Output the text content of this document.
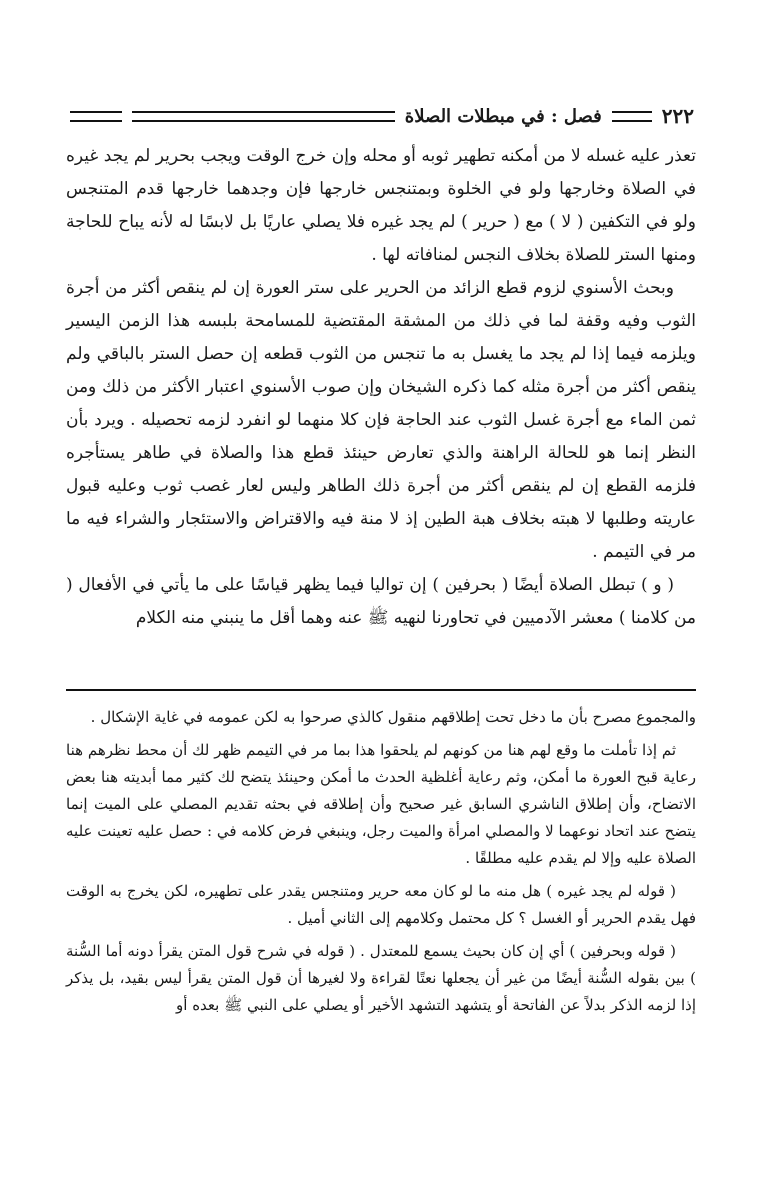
٢٢٢
فصل : في مبطلات الصلاة

تعذر عليه غسله لا من أمكنه تطهير ثوبه أو محله وإن خرج الوقت ويجب بحرير لم يجد غيره في الصلاة وخارجها ولو في الخلوة وبمتنجس خارجها فإن وجدهما خارجها قدم المتنجس ولو في التكفين ( لا ) مع ( حرير ) لم يجد غيره فلا يصلي عاريًا بل لابسًا له لأنه يباح للحاجة ومنها الستر للصلاة بخلاف النجس لمنافاته لها .

وبحث الأسنوي لزوم قطع الزائد من الحرير على ستر العورة إن لم ينقص أكثر من أجرة الثوب وفيه وقفة لما في ذلك من المشقة المقتضية للمسامحة بلبسه هذا الزمن اليسير ويلزمه فيما إذا لم يجد ما يغسل به ما تنجس من الثوب قطعه إن حصل الستر بالباقي ولم ينقص أكثر من أجرة مثله كما ذكره الشيخان وإن صوب الأسنوي اعتبار الأكثر من ذلك ومن ثمن الماء مع أجرة غسل الثوب عند الحاجة فإن كلا منهما لو انفرد لزمه تحصيله . ويرد بأن النظر إنما هو للحالة الراهنة والذي تعارض حينئذ قطع هذا والصلاة في طاهر يستأجره فلزمه القطع إن لم ينقص أكثر من أجرة ذلك الطاهر وليس لعار غصب ثوب وعليه قبول عاريته وطلبها لا هبته بخلاف هبة الطين إذ لا منة فيه والاقتراض والاستئجار والشراء فيه ما مر في التيمم .

( و ) تبطل الصلاة أيضًا ( بحرفين ) إن تواليا فيما يظهر قياسًا على ما يأتي في الأفعال ( من كلامنا ) معشر الآدميين في تحاورنا لنهيه ﷺ عنه وهما أقل ما ينبني منه الكلام

والمجموع مصرح بأن ما دخل تحت إطلاقهم منقول كالذي صرحوا به لكن عمومه في غاية الإشكال .

ثم إذا تأملت ما وقع لهم هنا من كونهم لم يلحقوا هذا بما مر في التيمم ظهر لك أن محط نظرهم هنا رعاية قبح العورة ما أمكن، وثم رعاية أغلظية الحدث ما أمكن وحينئذ يتضح لك كثير مما أبديته هنا بعض الاتضاح، وأن إطلاق الناشري السابق غير صحيح وأن إطلاقه في بحثه تقديم المصلي على الميت إنما يتضح عند اتحاد نوعهما لا والمصلي امرأة والميت رجل، وينبغي فرض كلامه في : حصل عليه تعينت عليه الصلاة عليه وإلا لم يقدم عليه مطلقًا .

( قوله لم يجد غيره ) هل منه ما لو كان معه حرير ومتنجس يقدر على تطهيره، لكن يخرج به الوقت فهل يقدم الحرير أو الغسل ؟ كل محتمل وكلامهم إلى الثاني أميل .

( قوله وبحرفين ) أي إن كان بحيث يسمع للمعتدل . ( قوله في شرح قول المتن يقرأ دونه أما السُّنة ) بين بقوله السُّنة أيضًا من غير أن يجعلها نعتًا لقراءة ولا لغيرها أن قول المتن يقرأ ليس بقيد، بل يذكر إذا لزمه الذكر بدلاً عن الفاتحة أو يتشهد التشهد الأخير أو يصلي على النبي ﷺ بعده أو
